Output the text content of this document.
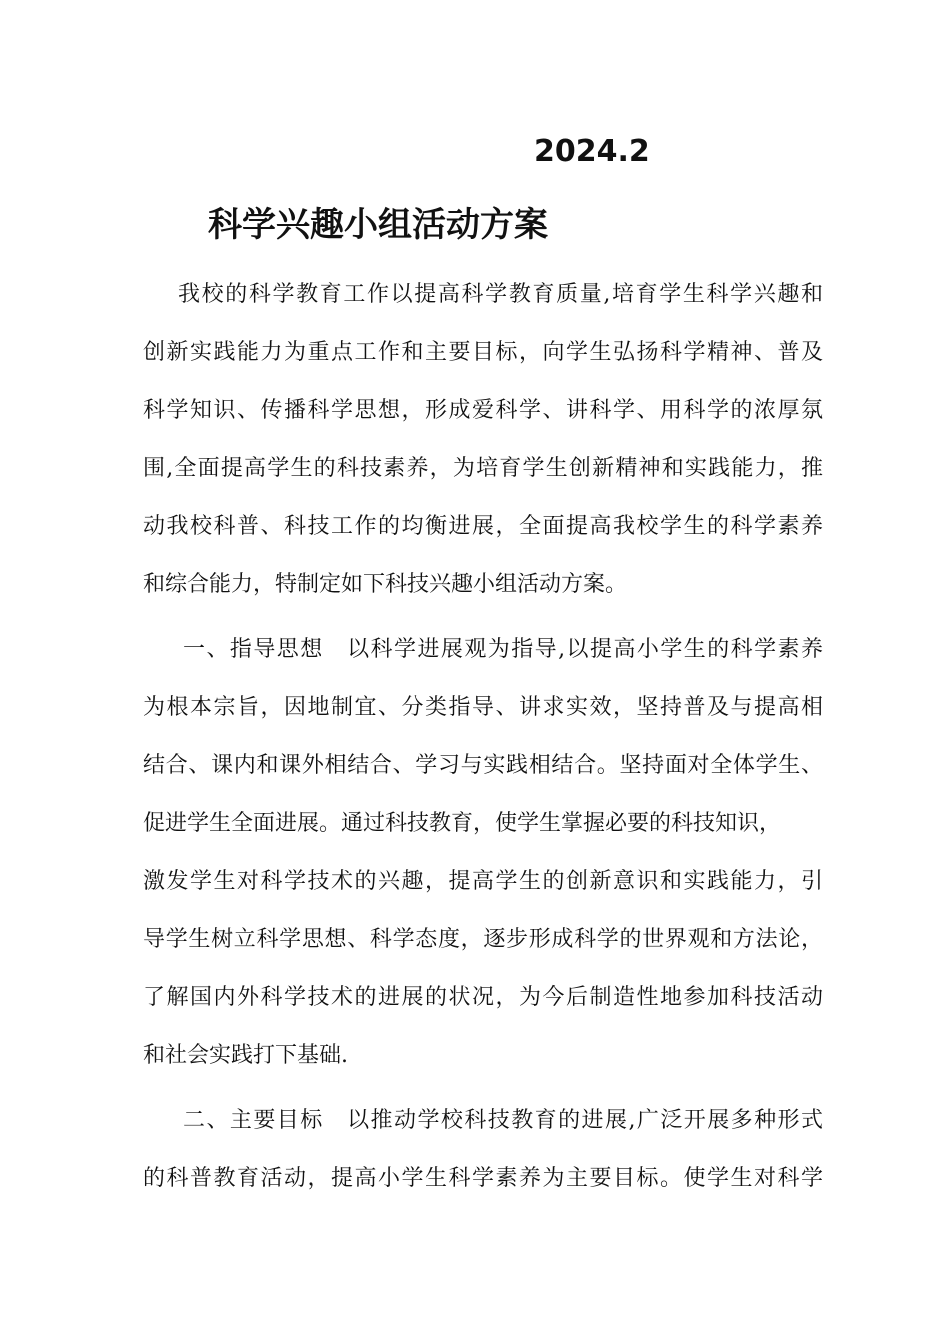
2024.2
科学兴趣小组活动方案
我校的科学教育工作以提高科学教育质量,培育学生科学兴趣和
创新实践能力为重点工作和主要目标，向学生弘扬科学精神、普及
科学知识、传播科学思想，形成爱科学、讲科学、用科学的浓厚氛
围,全面提高学生的科技素养，为培育学生创新精神和实践能力，推
动我校科普、科技工作的均衡进展，全面提高我校学生的科学素养
和综合能力，特制定如下科技兴趣小组活动方案。
一、指导思想　以科学进展观为指导,以提高小学生的科学素养
为根本宗旨，因地制宜、分类指导、讲求实效，坚持普及与提高相
结合、课内和课外相结合、学习与实践相结合。坚持面对全体学生、
促进学生全面进展。通过科技教育，使学生掌握必要的科技知识，
激发学生对科学技术的兴趣，提高学生的创新意识和实践能力，引
导学生树立科学思想、科学态度，逐步形成科学的世界观和方法论，
了解国内外科学技术的进展的状况，为今后制造性地参加科技活动
和社会实践打下基础.
二、主要目标　以推动学校科技教育的进展,广泛开展多种形式
的科普教育活动，提高小学生科学素养为主要目标。使学生对科学
